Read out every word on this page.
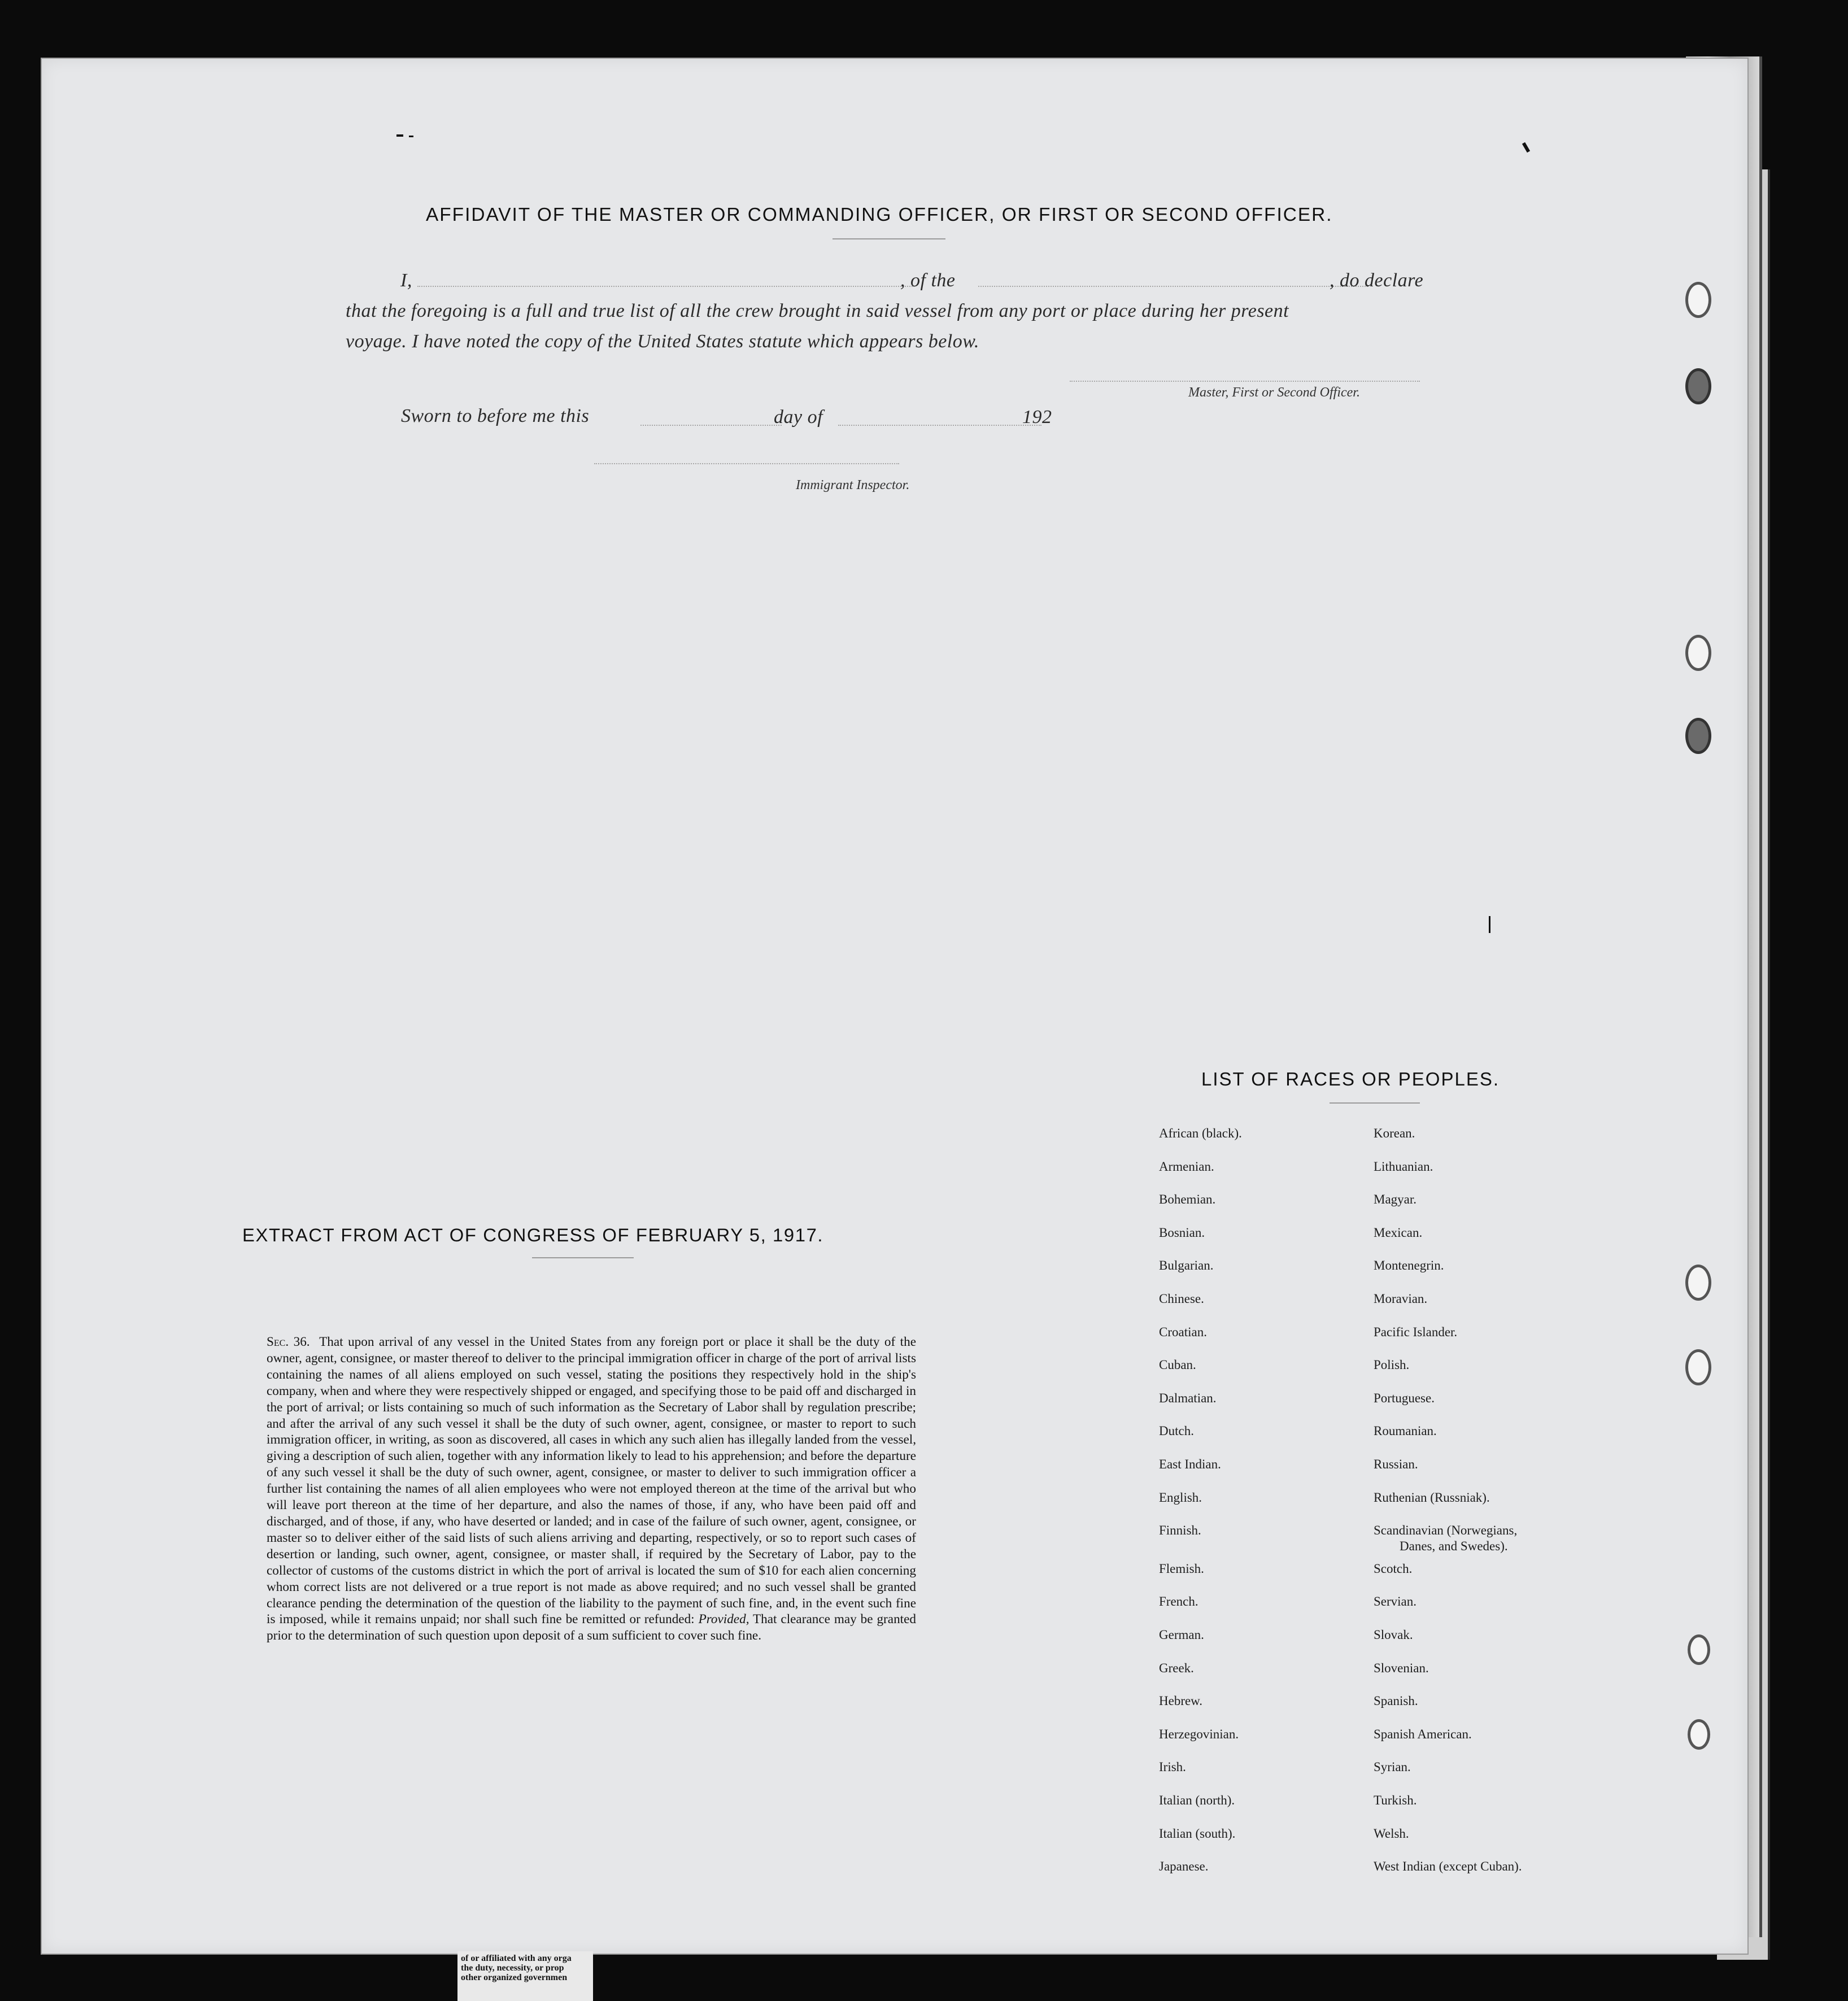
AFFIDAVIT OF THE MASTER OR COMMANDING OFFICER, OR FIRST OR SECOND OFFICER.
I,	, of the	, do declare
that the foregoing is a full and true list of all the crew brought in said vessel from any port or place during her present
voyage. I have noted the copy of the United States statute which appears below.
Master, First or Second Officer.
Sworn to before me this	day of	192
Immigrant Inspector.
EXTRACT FROM ACT OF CONGRESS OF FEBRUARY 5, 1917.
Sec. 36. That upon arrival of any vessel in the United States from any foreign port or place it shall be the duty of the owner, agent, consignee, or master thereof to deliver to the principal immigration officer in charge of the port of arrival lists containing the names of all aliens employed on such vessel, stating the positions they respectively hold in the ship's company, when and where they were respectively shipped or engaged, and specifying those to be paid off and discharged in the port of arrival; or lists containing so much of such information as the Secretary of Labor shall by regulation prescribe; and after the arrival of any such vessel it shall be the duty of such owner, agent, consignee, or master to report to such immigration officer, in writing, as soon as discovered, all cases in which any such alien has illegally landed from the vessel, giving a description of such alien, together with any information likely to lead to his apprehension; and before the departure of any such vessel it shall be the duty of such owner, agent, consignee, or master to deliver to such immigration officer a further list containing the names of all alien employees who were not employed thereon at the time of the arrival but who will leave port thereon at the time of her departure, and also the names of those, if any, who have been paid off and discharged, and of those, if any, who have deserted or landed; and in case of the failure of such owner, agent, consignee, or master so to deliver either of the said lists of such aliens arriving and departing, respectively, or so to report such cases of desertion or landing, such owner, agent, consignee, or master shall, if required by the Secretary of Labor, pay to the collector of customs of the customs district in which the port of arrival is located the sum of $10 for each alien concerning whom correct lists are not delivered or a true report is not made as above required; and no such vessel shall be granted clearance pending the determination of the question of the liability to the payment of such fine, and, in the event such fine is imposed, while it remains unpaid; nor shall such fine be remitted or refunded: Provided, That clearance may be granted prior to the determination of such question upon deposit of a sum sufficient to cover such fine.
LIST OF RACES OR PEOPLES.
African (black).
Armenian.
Bohemian.
Bosnian.
Bulgarian.
Chinese.
Croatian.
Cuban.
Dalmatian.
Dutch.
East Indian.
English.
Finnish.
Flemish.
French.
German.
Greek.
Hebrew.
Herzegovinian.
Irish.
Italian (north).
Italian (south).
Japanese.
Korean.
Lithuanian.
Magyar.
Mexican.
Montenegrin.
Moravian.
Pacific Islander.
Polish.
Portuguese.
Roumanian.
Russian.
Ruthenian (Russniak).
Scandinavian (Norwegians,
Danes, and Swedes).
Scotch.
Servian.
Slovak.
Slovenian.
Spanish.
Spanish American.
Syrian.
Turkish.
Welsh.
West Indian (except Cuban).
of or affiliated with any orga
the duty, necessity, or prop
other organized governmen
